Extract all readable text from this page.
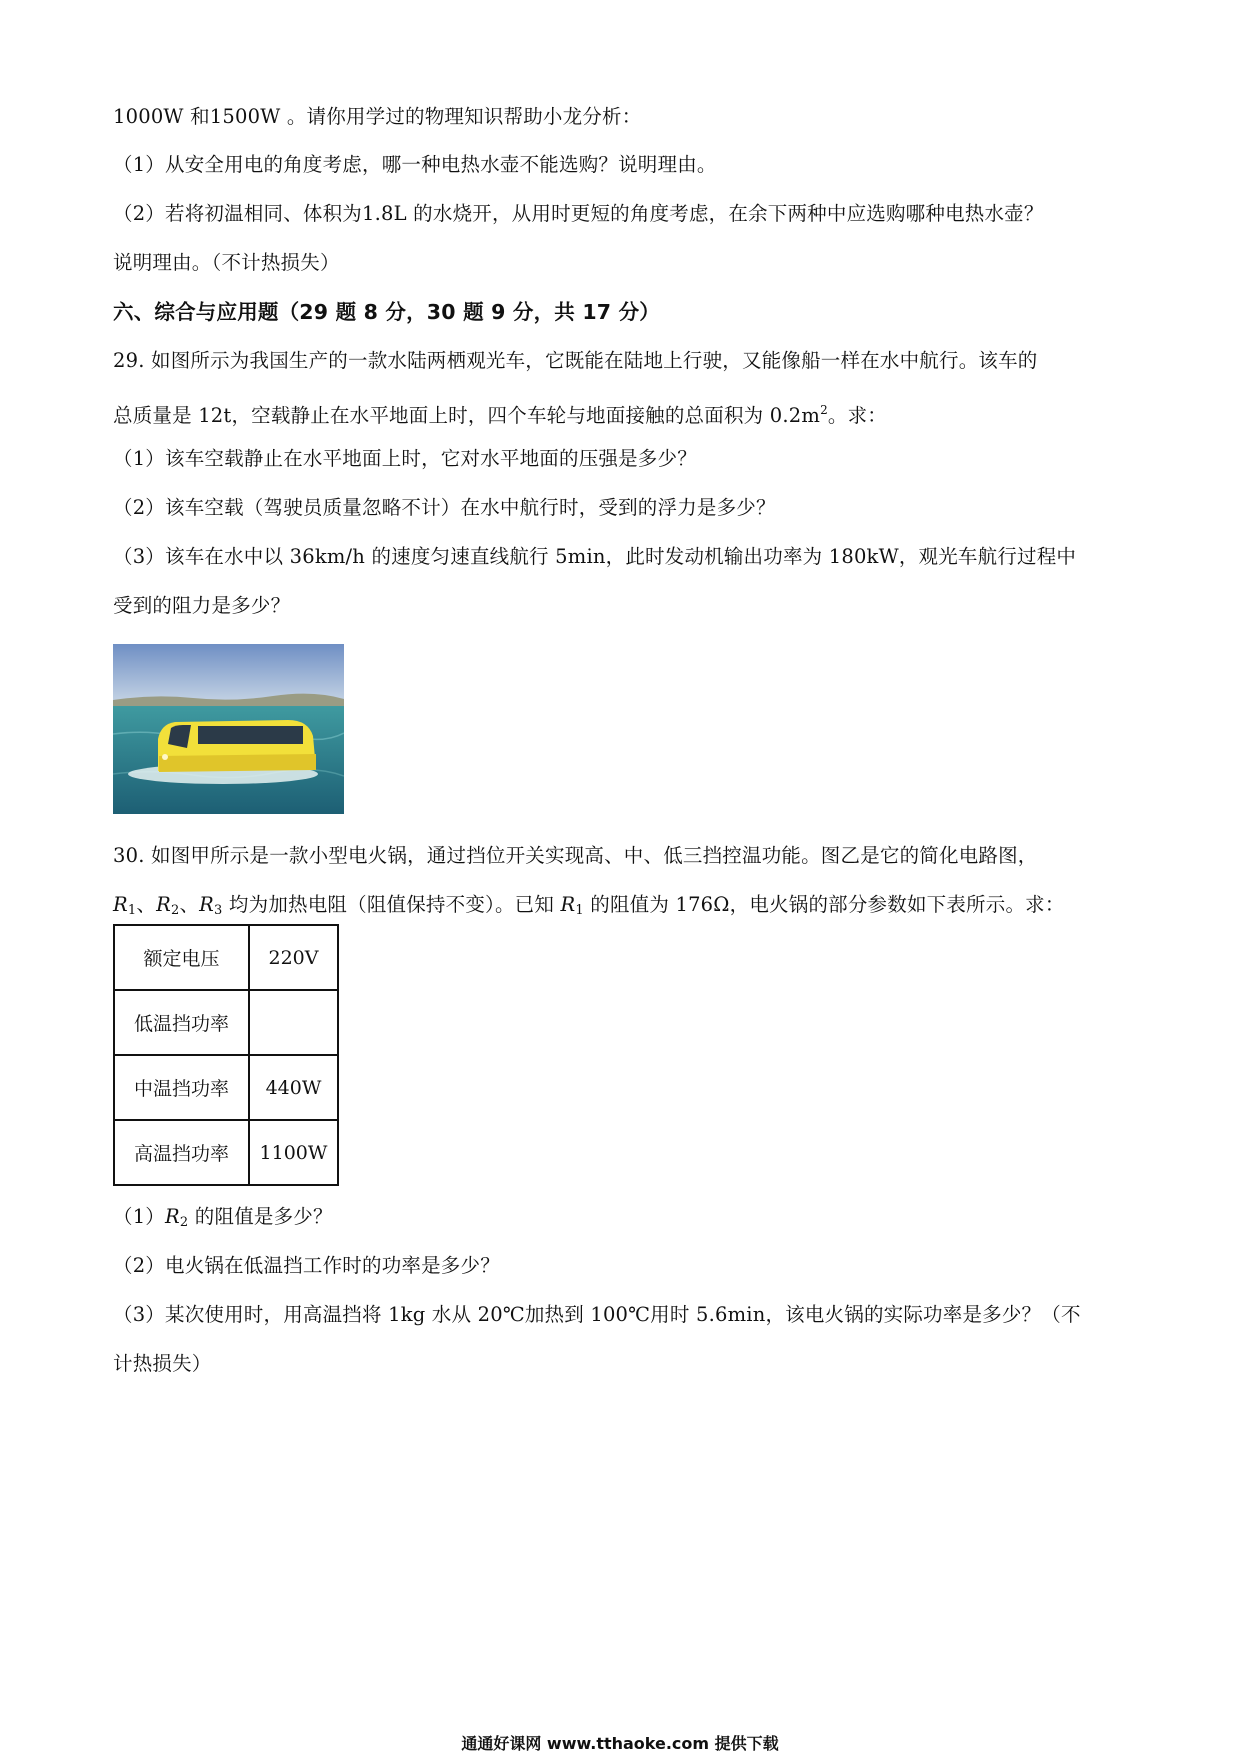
1000W 和1500W 。请你用学过的物理知识帮助小龙分析：
（1）从安全用电的角度考虑，哪一种电热水壶不能选购？说明理由。
（2）若将初温相同、体积为1.8L 的水烧开，从用时更短的角度考虑，在余下两种中应选购哪种电热水壶？
说明理由。（不计热损失）
六、综合与应用题（29 题 8 分，30 题 9 分，共 17 分）
29. 如图所示为我国生产的一款水陆两栖观光车，它既能在陆地上行驶，又能像船一样在水中航行。该车的
总质量是 12t，空载静止在水平地面上时，四个车轮与地面接触的总面积为 $0.2m^2$。求：
（1）该车空载静止在水平地面上时，它对水平地面的压强是多少？
（2）该车空载（驾驶员质量忽略不计）在水中航行时，受到的浮力是多少？
（3）该车在水中以 36km/h 的速度匀速直线航行 5min，此时发动机输出功率为 180kW，观光车航行过程中
受到的阻力是多少？
30. 如图甲所示是一款小型电火锅，通过挡位开关实现高、中、低三挡控温功能。图乙是它的简化电路图，
$R_1$、$R_2$、$R_3$ 均为加热电阻（阻值保持不变）。已知 $R_1$ 的阻值为 176Ω，电火锅的部分参数如下表所示。求：
额定电压	220V
低温挡功率	
中温挡功率	440W
高温挡功率	1100W
$(1)R_2$ 的阻值是多少？
（2）电火锅在低温挡工作时的功率是多少？
（3）某次使用时，用高温挡将 1kg 水从 20℃加热到 100℃用时 5.6min，该电火锅的实际功率是多少？（不
计热损失）
通通好课网 www.tthaoke.com 提供下载
